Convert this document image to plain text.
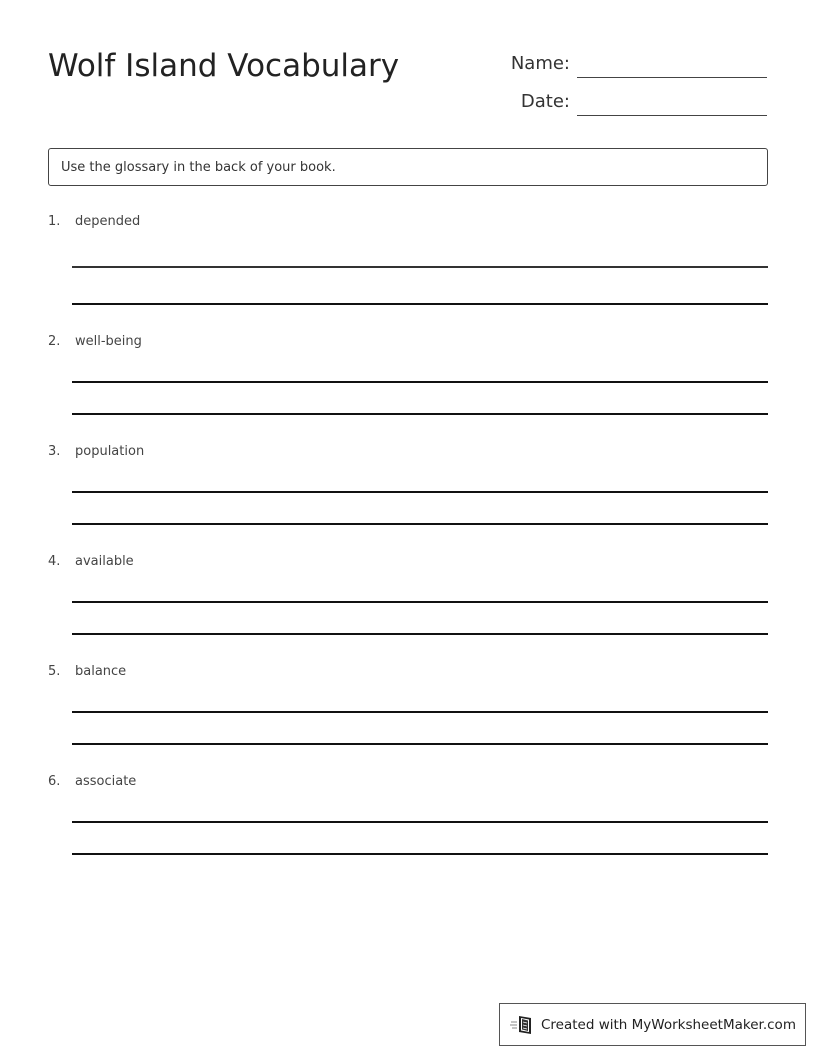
Wolf Island Vocabulary	Name:
Date:
Use the glossary in the back of your book.
1. depended
2. well-being
3. population
4. available
5. balance
6. associate
Created with MyWorksheetMaker.com
